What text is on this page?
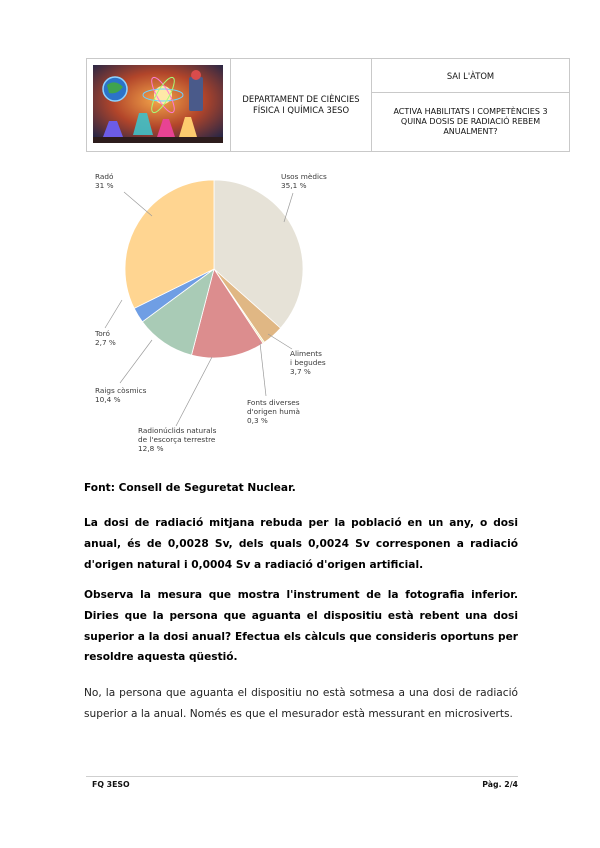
DEPARTAMENT DE CIÈNCIES FÍSICA I QUÍMICA 3ESO
SAI L'ÀTOM
ACTIVA HABILITATS I COMPETÈNCIES 3 QUINA DOSIS DE RADIACIÓ REBEM ANUALMENT?
Usos mèdics
35,1 %
Radó
31 %
Aliments
i begudes
3,7 %
Fonts diverses
d'origen humà
0,3 %
Radionúclids naturals
de l'escorça terrestre
12,8 %
Raigs còsmics
10,4 %
Toró
2,7 %
Font: Consell de Seguretat Nuclear.
La dosi de radiació mitjana rebuda per la població en un any, o dosi anual, és de 0,0028 Sv, dels quals 0,0024 Sv corresponen a radiació d'origen natural i 0,0004 Sv a radiació d'origen artificial.
Observa la mesura que mostra l'instrument de la fotografia inferior. Diries que la persona que aguanta el dispositiu està rebent una dosi superior a la dosi anual? Efectua els càlculs que consideris oportuns per resoldre aquesta qüestió.
No, la persona que aguanta el dispositiu no està sotmesa a una dosi de radiació superior a la anual. Només es que el mesurador està messurant en microsiverts.
FQ 3ESO	Pàg. 2/4
